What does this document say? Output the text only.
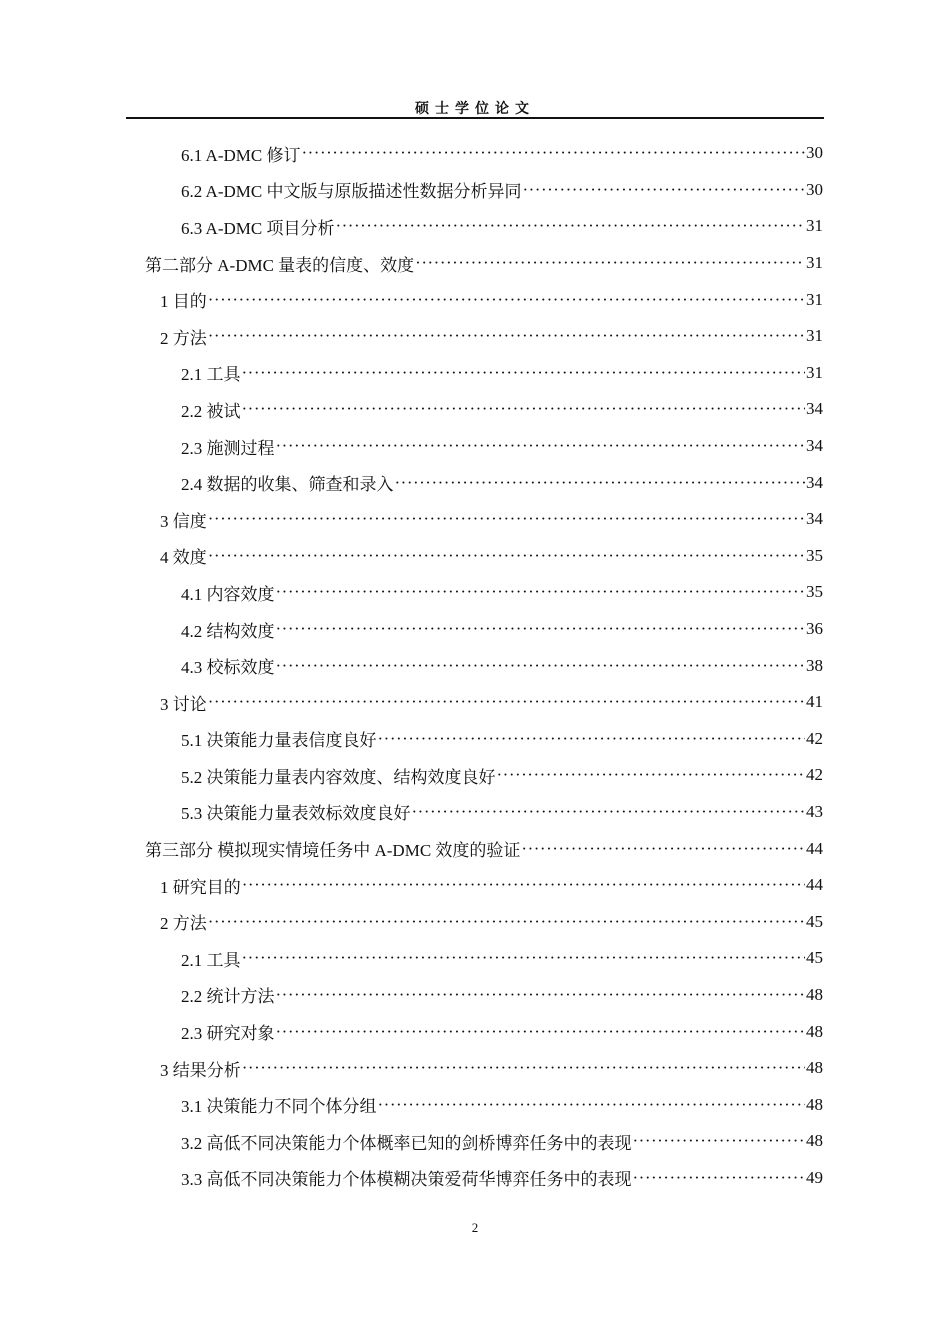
硕士学位论文
6.1 A-DMC 修订 ·····	30
6.2 A-DMC 中文版与原版描述性数据分析异同 ·····	30
6.3 A-DMC 项目分析 ·····	31
第二部分 A-DMC 量表的信度、效度 ·····	31
1 目的 ·····	31
2 方法 ·····	31
2.1 工具 ·····	31
2.2 被试 ·····	34
2.3 施测过程 ·····	34
2.4 数据的收集、筛查和录入 ·····	34
3 信度 ·····	34
4 效度 ·····	35
4.1 内容效度 ·····	35
4.2 结构效度 ·····	36
4.3 校标效度 ·····	38
3 讨论 ·····	41
5.1 决策能力量表信度良好 ·····	42
5.2 决策能力量表内容效度、结构效度良好 ·····	42
5.3 决策能力量表效标效度良好 ·····	43
第三部分 模拟现实情境任务中 A-DMC 效度的验证 ·····	44
1 研究目的 ·····	44
2 方法 ·····	45
2.1 工具 ·····	45
2.2 统计方法 ·····	48
2.3 研究对象 ·····	48
3 结果分析 ·····	48
3.1 决策能力不同个体分组 ·····	48
3.2 高低不同决策能力个体概率已知的剑桥博弈任务中的表现 ·····	48
3.3 高低不同决策能力个体模糊决策爱荷华博弈任务中的表现 ·····	49
2
